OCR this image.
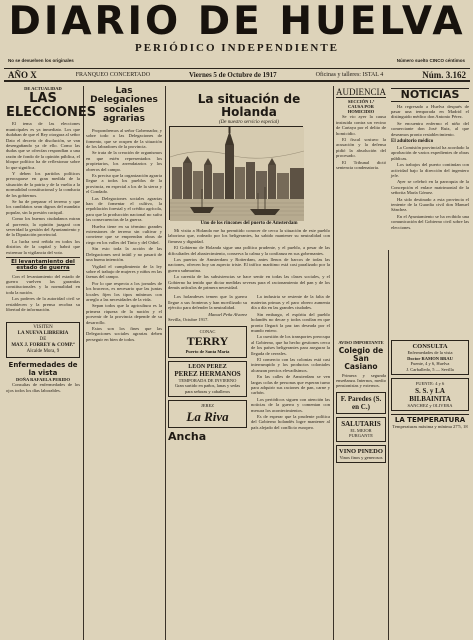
DIARIO DE HUELVA
PERIÓDICO INDEPENDIENTE
No se devuelven los originales	Número suelto CINCO céntimos
AÑO X	FRANQUEO CONCERTADO	Viernes 5 de Octubre de 1917	Oficinas y talleres: ISTAL 4	Núm. 3.162
DE ACTUALIDAD
LAS ELECCIONES

El tema de las elecciones municipales es ya inmediato. Los que dudaban de que el Rey otorgara al señor Dato el decreto de disolución, se van desengañando ya de ello. Como las dudas que se ofrecían respondían a una razón de fondo de la opinión pública, el bloque político ha de reflexionar sobre lo que significa.

Y deben los partidos políticos preocuparse en gran medida de la situación de la patria y de la vuelta a la normalidad constitucional y la conducta de los gobiernos.

Se ha de preparar el terreno y que los candidatos sean dignos del mandato popular, sin la presión caciquil.

Como los buenos ciudadanos miran al porvenir, la opinión juzgará con severidad la gestión del Ayuntamiento y de la Diputación provincial.

La lucha será reñida en todos los distritos de la capital y habrá que extremar la vigilancia del voto.

El levantamiento del estado de guerra

Con el levantamiento del estado de guerra vuelven las garantías constitucionales y la normalidad en toda la nación.

Los poderes de la autoridad civil se restablecen y la prensa recobra su libertad de información.

VISITEN
LA NUEVA LIBRERIA
DE
MAX J. FORREY & COMP.ª
Alcalde Mora, 9
Enfermedades de la vista
DOÑA RAFAELA PERIDO

Consultas de enfermedades de los ojos todos los días laborables.

Las Delegaciones sociales agrarias

Propondremos al señor Gobernador, y sobre todo a las Delegaciones de fomento, que se ocupen de la situación de los labradores de la provincia.

Se trata de la creación de organismos en que estén representados los propietarios, los arrendatarios y los obreros del campo.

Es preciso que la organización agraria llegue a todos los pueblos de la provincia, en especial a los de la sierra y el Condado.

Las Delegaciones sociales agrarias han de fomentar el cultivo, la repoblación forestal y el crédito agrícola, para que la producción nacional no sufra las consecuencias de la guerra.

Huelva tiene en su término grandes extensiones de terreno sin cultivar y conviene que se emprendan obras de riego en los valles del Tinto y del Odiel.

Sin esto toda la acción de las Delegaciones será inútil y no pasará de una buena intención.

Vigilad el cumplimiento de la ley sobre el trabajo de mujeres y niños en las faenas del campo.

Por lo que respecta a los jornales de los braceros, es necesario que las juntas locales fijen los tipos mínimos con arreglo a las necesidades de la vida.

Sepan todos que la agricultura es la primera riqueza de la nación y el porvenir de la provincia depende de su desarrollo.

Estos son los fines que las Delegaciones sociales agrarias deben perseguir en bien de todos.

La situación de Holanda
(De nuestro servicio especial)
Uno de los rincones del puerto de Amsterdam

Mi visita a Holanda me ha permitido conocer de cerca la situación de este pueblo laborioso que, rodeado por los beligerantes, ha sabido mantener su neutralidad con firmeza y dignidad.

El Gobierno de Holanda sigue una política prudente, y el pueblo, a pesar de las dificultades del abastecimiento, conserva la calma y la confianza en sus gobernantes.

Los puertos de Amsterdam y Rotterdam, antes llenos de barcos de todas las naciones, ofrecen hoy un aspecto triste. El tráfico marítimo está casi paralizado por la guerra submarina.

La carestía de las subsistencias se hace sentir en todas las clases sociales, y el Gobierno ha tenido que dictar medidas severas para el racionamiento del pan y de los demás artículos de primera necesidad.

Los holandeses temen que la guerra llegue a sus fronteras y han movilizado su ejército para defender la neutralidad.

Manuel Peña Alvarez
Sevilla, Octubre 1917.
CONAC
TERRY
Puerto de Santa María
LEON PEREZ
PEREZ HERMANOS
TEMPORADA DE INVIERNO
Gran surtido en paños, lanas y sedas para señoras y caballeros
JEREZ
La Riva
Ancha

La industria se resiente de la falta de materias primas y el paro obrero aumenta día a día en las grandes ciudades.

Sin embargo, el espíritu del pueblo holandés no decae y todos confían en que pronto llegará la paz tan deseada por el mundo entero.

La cuestión de los transportes preocupa al Gobierno, que ha hecho gestiones cerca de los países beligerantes para asegurar la llegada de cereales.

El comercio con las colonias está casi interrumpido y los productos coloniales alcanzan precios elevadísimos.

En las calles de Amsterdam se ven largas colas de personas que esperan turno para adquirir sus raciones de pan, carne y carbón.

Los periódicos siguen con atención las noticias de la guerra y comentan con mesura los acontecimientos.

Es de esperar que la prudente política del Gobierno holandés logre mantener al país alejado del conflicto europeo.

AUDIENCIA
SECCIÓN 1.ª
CAUSA POR HOMICIDIO

Se vio ayer la causa instruida contra un vecino de Cartaya por el delito de homicidio.

El fiscal sostuvo la acusación y la defensa pidió la absolución del procesado.

El Tribunal dictó sentencia condenatoria.

NOTICIAS

Ha regresado a Huelva después de pasar una temporada en Madrid el distinguido médico don Antonio Pérez.

Se encuentra enfermo el niño del comerciante don José Ruiz, al que deseamos pronto restablecimiento.

El aduitorio médico

La Comisión provincial ha acordado la aprobación de varios expedientes de obras públicas.

Los trabajos del puerto continúan con actividad bajo la dirección del ingeniero jefe.

Ayer se celebró en la parroquia de la Concepción el enlace matrimonial de la señorita María Gómez.

Ha sido destinado a esta provincia el teniente de la Guardia civil don Manuel Sánchez.

En el Ayuntamiento se ha recibido una comunicación del Gobierno civil sobre las elecciones.

AVISO IMPORTANTE
Colegio de San Casiano

Primera y segunda enseñanza. Internos, medio pensionistas y externos.

F. Paredes (S. en C.)
SALUTARIS
EL MEJOR PURGANTE
VINO PINEDO
Vinos finos y generosos
CONSULTA
Enfermedades de la vista
Doctor RAMON BRAU
Fuente, 4 y 6, Huelva
J. Carballedo, 5 — Sevilla
FUENTE: 4 y 6
S. S. y LA BILBAINITA
SANCHEZ y OLIVERA
LA TEMPERATURA
Temperaturas máxima y mínima 27'5, 18
